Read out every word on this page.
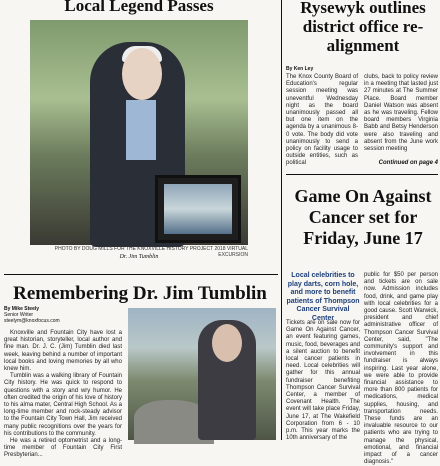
Local Legend Passes
PHOTO BY DOUG MILLS FOR THE KNOXVILLE HISTORY PROJECT 2018 VIRTUAL EXCURSION
Dr. Jim Tumblin
Remembering Dr. Jim Tumblin
By Mike Steely
Senior Writer
steelym@knoxfocus.com

Knoxville and Fountain City have lost a great historian, storyteller, local author and fine man. Dr. J. C. (Jim) Tumblin died last week, leaving behind a number of important local books and loving memories by all who knew him.

Tumblin was a walking library of Fountain City history. He was quick to respond to questions with a story and wry humor. He often credited the origin of his love of history to his alma mater, Central High School. As a long-time member and rock-steady advisor to the Fountain City Town Hall, Jim received many public recognitions over the years for his contributions to the community.

He was a retired optometrist and a long-time member of Fountain City First Presbyterian...

Rysewyk outlines district office re-alignment
By Ken Ley
The Knox County Board of Education's regular session meeting was uneventful Wednesday night as the board unanimously passed all but one item on the agenda by a unanimous 8-0 vote. The body did vote unanimously to send a policy on facility usage to outside entities, such as political
clubs, back to policy review in a meeting that lasted just 27 minutes at The Summer Place. Board member Daniel Watson was absent as he was traveling. Fellow board members Virginia Babb and Betsy Henderson were also traveling and absent from the June work session meeting
Continued on page 4
Game On Against Cancer set for Friday, June 17
Local celebrities to play darts, corn hole, and more to benefit patients of Thompson Cancer Survival Center
Tickets are on sale now for Game On Against Cancer, an event featuring games, music, food, beverages and a silent auction to benefit local cancer patients in need. Local celebrities will gather for this annual fundraiser benefiting Thompson Cancer Survival Center, a member of Covenant Health. The event will take place Friday, June 17, at The Wakefield Corporation from 6 - 10 p.m. This year marks the 10th anniversary of the
public for $50 per person and tickets are on sale now. Admission includes food, drink, and game play with local celebrities for a good cause. Scott Warwick, president and chief administrative officer of Thompson Cancer Survival Center, said, "The community's support and involvement in this fundraiser is always inspiring. Last year alone, we were able to provide financial assistance to more than 800 patients for medications, medical supplies, housing, and transportation needs. These funds are an invaluable resource to our patients who are trying to manage the physical, emotional, and financial impact of a cancer diagnosis."
